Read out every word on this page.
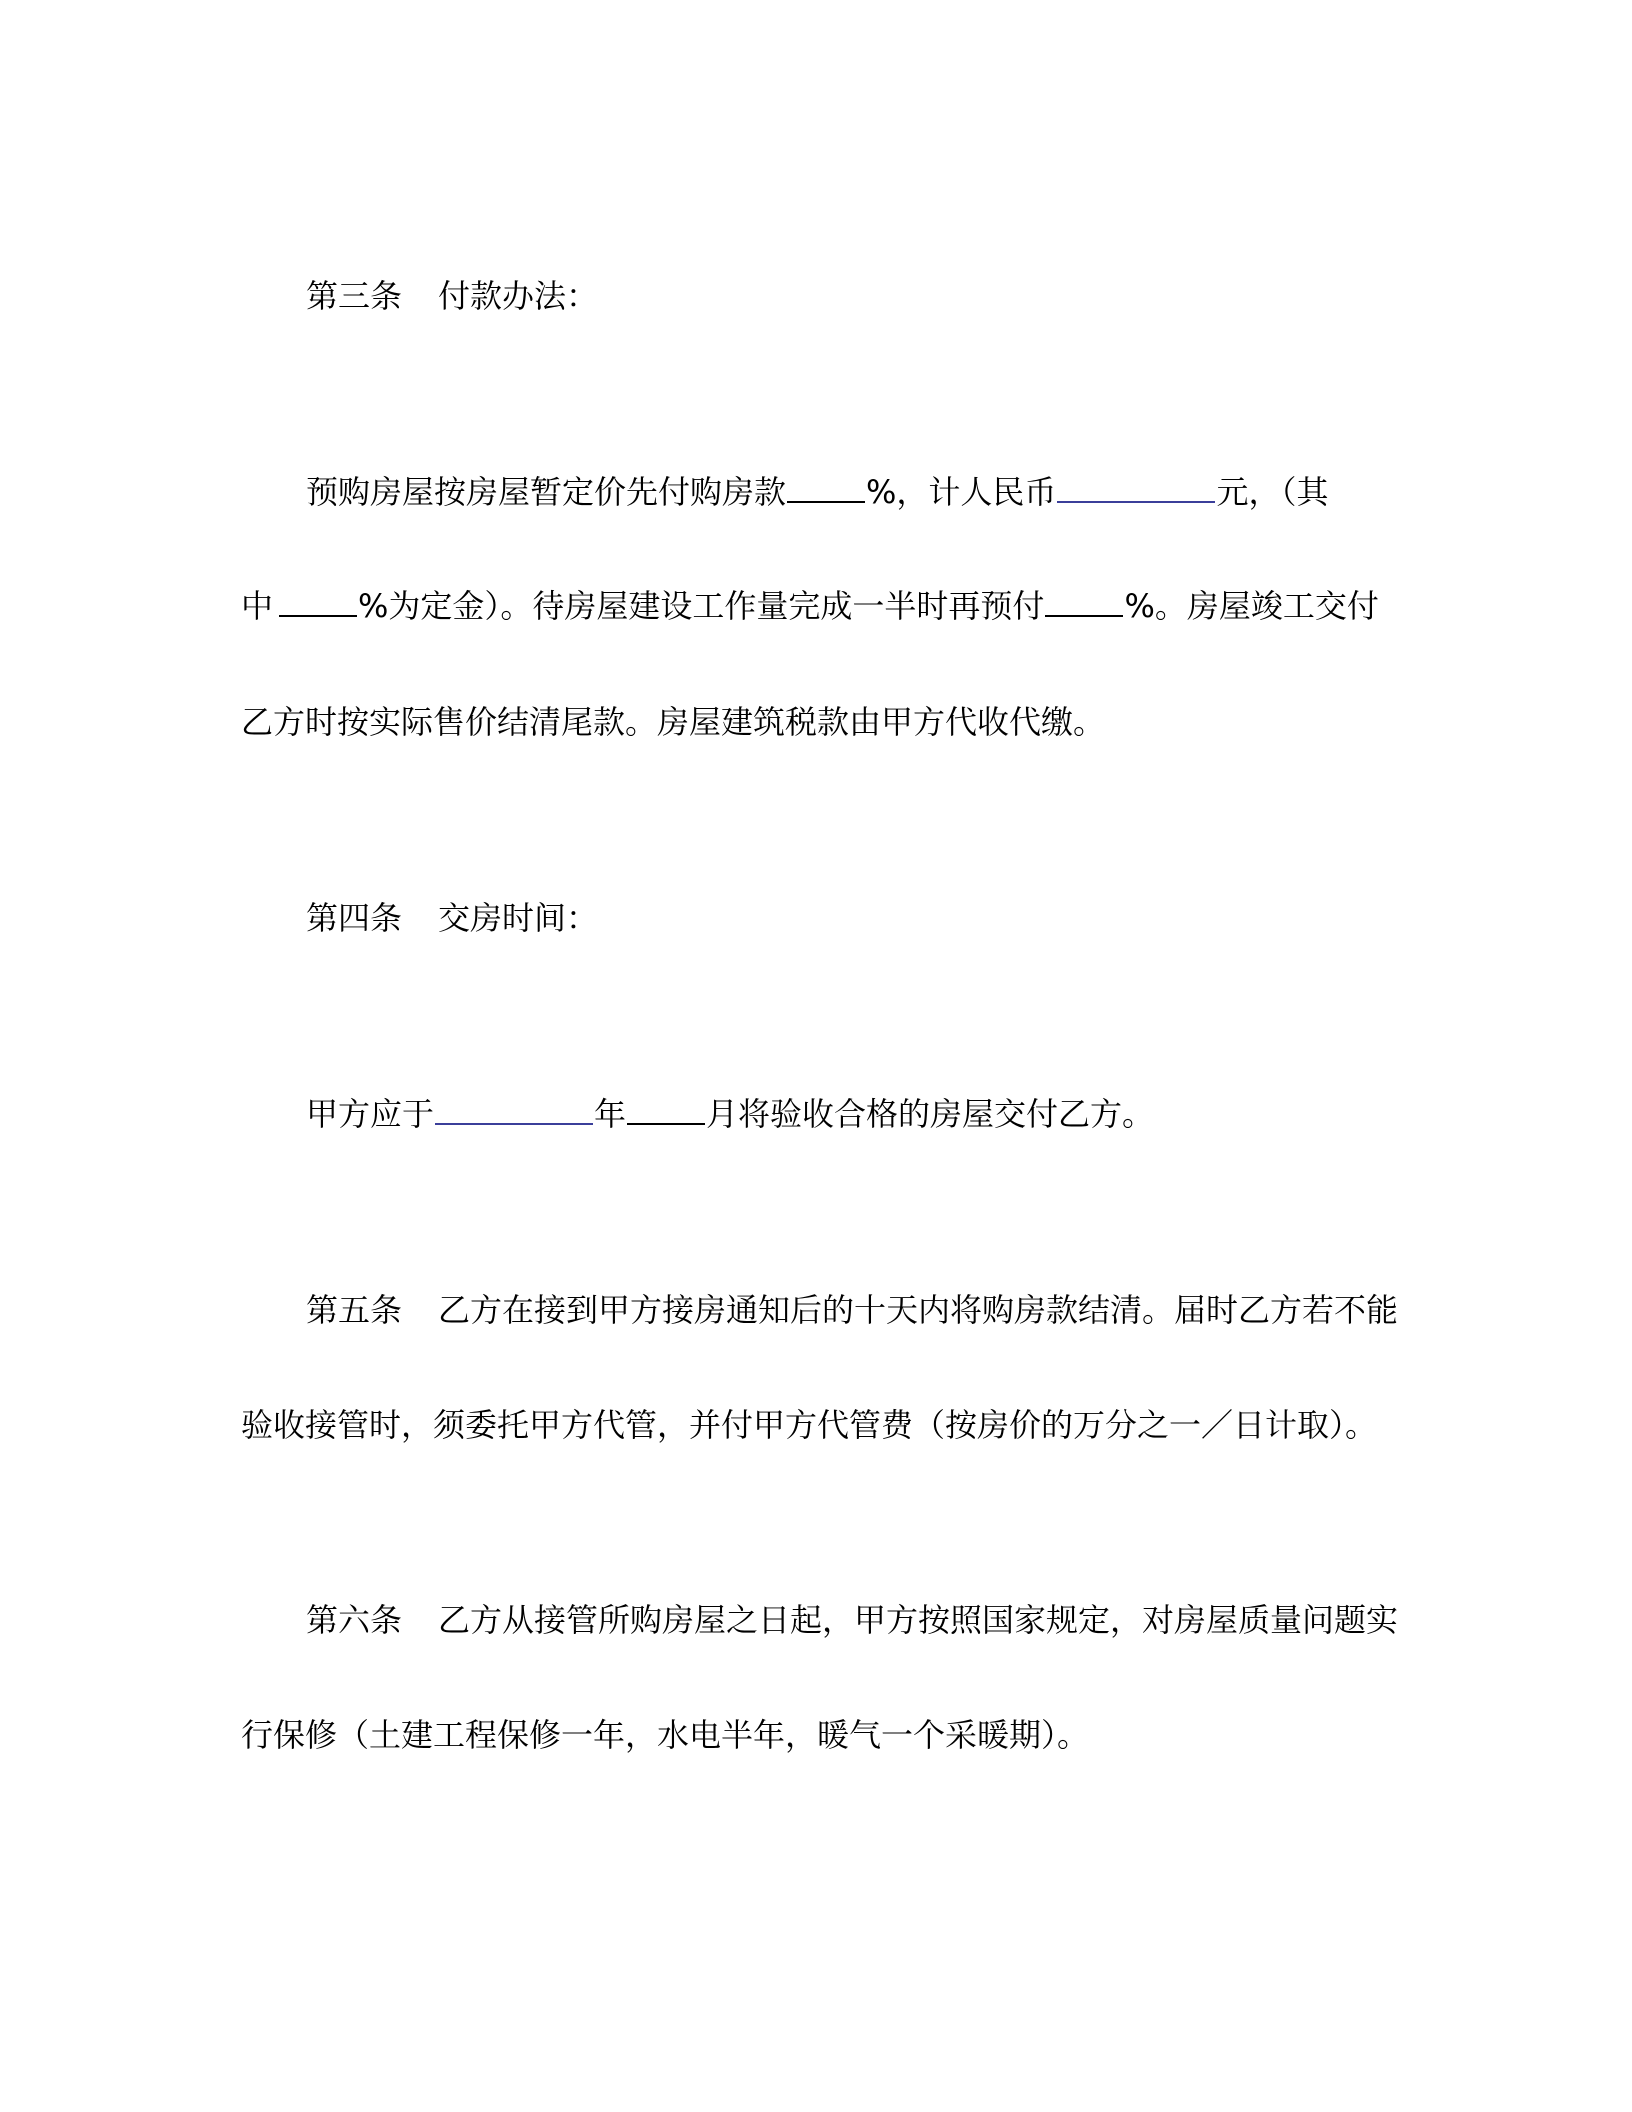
第三条 付款办法：
预购房屋按房屋暂定价先付购房款	%，计人民币	元，（其
中	%为定金）。待房屋建设工作量完成一半时再预付	%。房屋竣工交付
乙方时按实际售价结清尾款。房屋建筑税款由甲方代收代缴。
第四条 交房时间：
甲方应于	年	月将验收合格的房屋交付乙方。
第五条 乙方在接到甲方接房通知后的十天内将购房款结清。届时乙方若不能
验收接管时，须委托甲方代管，并付甲方代管费（按房价的万分之一／日计取）。
第六条 乙方从接管所购房屋之日起，甲方按照国家规定，对房屋质量问题实
行保修（土建工程保修一年，水电半年，暖气一个采暖期）。
